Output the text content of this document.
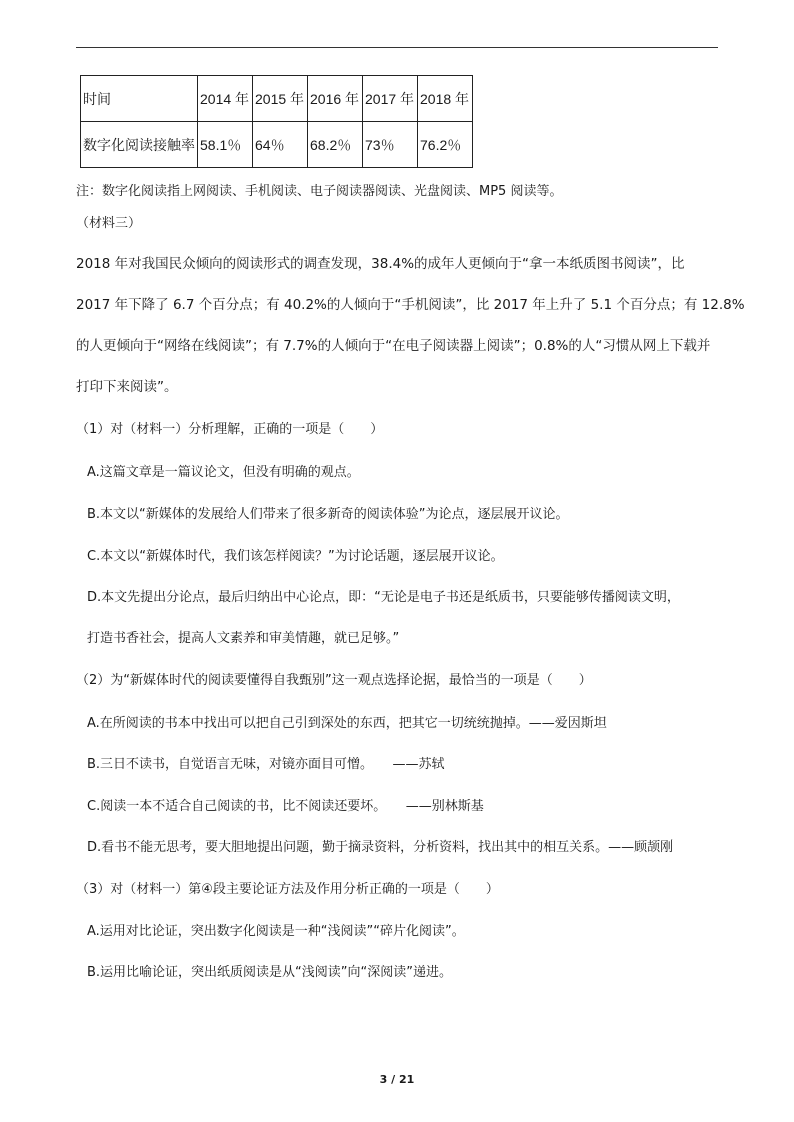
时间	2014 年	2015 年	2016 年	2017 年	2018 年
数字化阅读接触率	58.1％	64％	68.2％	73％	76.2％
注：数字化阅读指上网阅读、手机阅读、电子阅读器阅读、光盘阅读、MP5 阅读等。
（材料三）
2018 年对我国民众倾向的阅读形式的调查发现，38.4%的成年人更倾向于“拿一本纸质图书阅读”，比
2017 年下降了 6.7 个百分点；有 40.2%的人倾向于“手机阅读”，比 2017 年上升了 5.1 个百分点；有 12.8%
的人更倾向于“网络在线阅读”；有 7.7%的人倾向于“在电子阅读器上阅读”；0.8%的人“习惯从网上下载并
打印下来阅读”。
（1）对（材料一）分析理解，正确的一项是（　　）
A.这篇文章是一篇议论文，但没有明确的观点。
B.本文以“新媒体的发展给人们带来了很多新奇的阅读体验”为论点，逐层展开议论。
C.本文以“新媒体时代，我们该怎样阅读？”为讨论话题，逐层展开议论。
D.本文先提出分论点，最后归纳出中心论点，即：“无论是电子书还是纸质书，只要能够传播阅读文明，
打造书香社会，提高人文素养和审美情趣，就已足够。”
（2）为“新媒体时代的阅读要懂得自我甄别”这一观点选择论据，最恰当的一项是（　　）
A.在所阅读的书本中找出可以把自己引到深处的东西，把其它一切统统抛掉。——爱因斯坦
B.三日不读书，自觉语言无味，对镜亦面目可憎。　　——苏轼
C.阅读一本不适合自己阅读的书，比不阅读还要坏。　　——别林斯基
D.看书不能无思考，要大胆地提出问题，勤于摘录资料，分析资料，找出其中的相互关系。——顾颉刚
（3）对（材料一）第④段主要论证方法及作用分析正确的一项是（　　）
A.运用对比论证，突出数字化阅读是一种“浅阅读”“碎片化阅读”。
B.运用比喻论证，突出纸质阅读是从“浅阅读”向“深阅读”递进。
3 / 21
